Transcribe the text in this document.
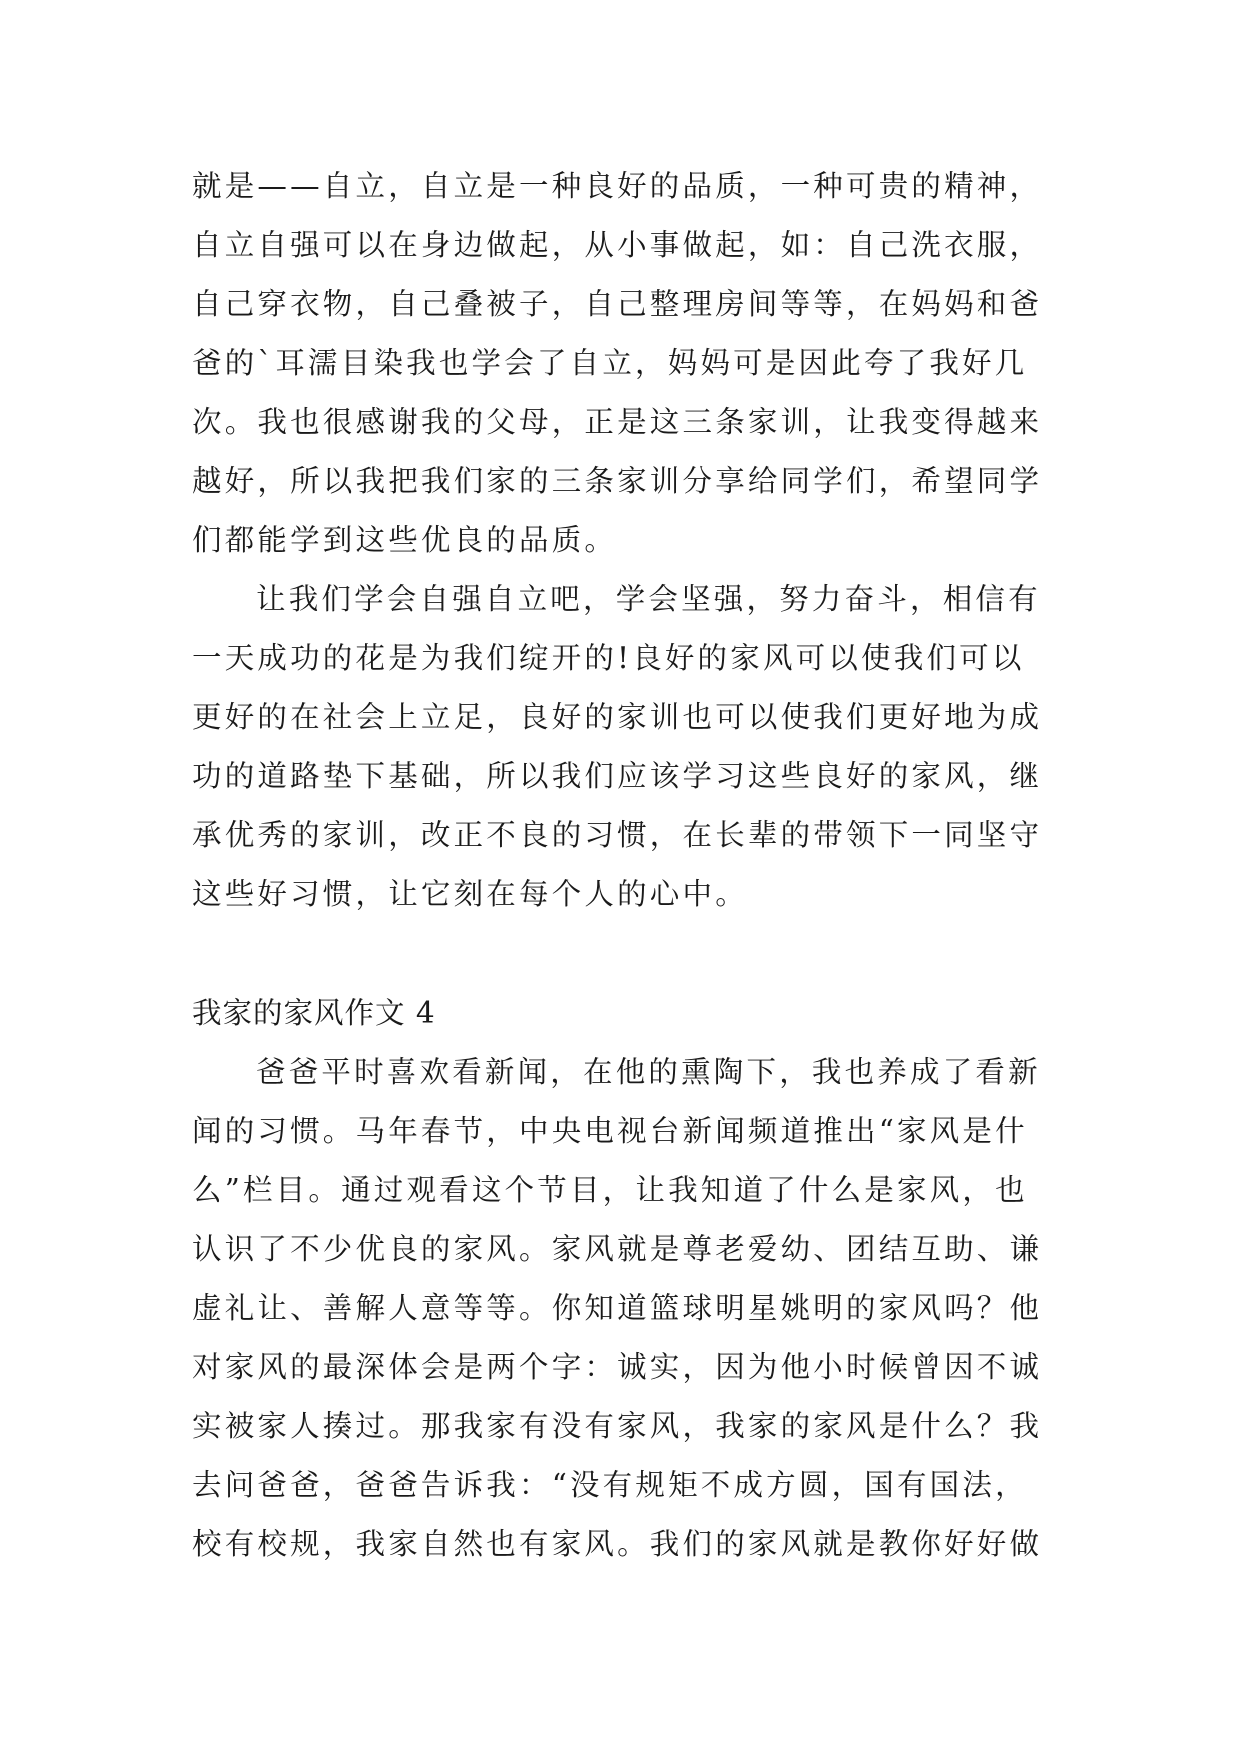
就是——自立，自立是一种良好的品质，一种可贵的精神，
自立自强可以在身边做起，从小事做起，如：自己洗衣服，
自己穿衣物，自己叠被子，自己整理房间等等，在妈妈和爸
爸的`耳濡目染我也学会了自立，妈妈可是因此夸了我好几
次。我也很感谢我的父母，正是这三条家训，让我变得越来
越好，所以我把我们家的三条家训分享给同学们，希望同学
们都能学到这些优良的品质。
让我们学会自强自立吧，学会坚强，努力奋斗，相信有
一天成功的花是为我们绽开的!良好的家风可以使我们可以
更好的在社会上立足，良好的家训也可以使我们更好地为成
功的道路垫下基础，所以我们应该学习这些良好的家风，继
承优秀的家训，改正不良的习惯，在长辈的带领下一同坚守
这些好习惯，让它刻在每个人的心中。
我家的家风作文 4
爸爸平时喜欢看新闻，在他的熏陶下，我也养成了看新
闻的习惯。马年春节，中央电视台新闻频道推出“家风是什
么”栏目。通过观看这个节目，让我知道了什么是家风，也
认识了不少优良的家风。家风就是尊老爱幼、团结互助、谦
虚礼让、善解人意等等。你知道篮球明星姚明的家风吗？他
对家风的最深体会是两个字：诚实，因为他小时候曾因不诚
实被家人揍过。那我家有没有家风，我家的家风是什么？我
去问爸爸，爸爸告诉我：“没有规矩不成方圆，国有国法，
校有校规，我家自然也有家风。我们的家风就是教你好好做
